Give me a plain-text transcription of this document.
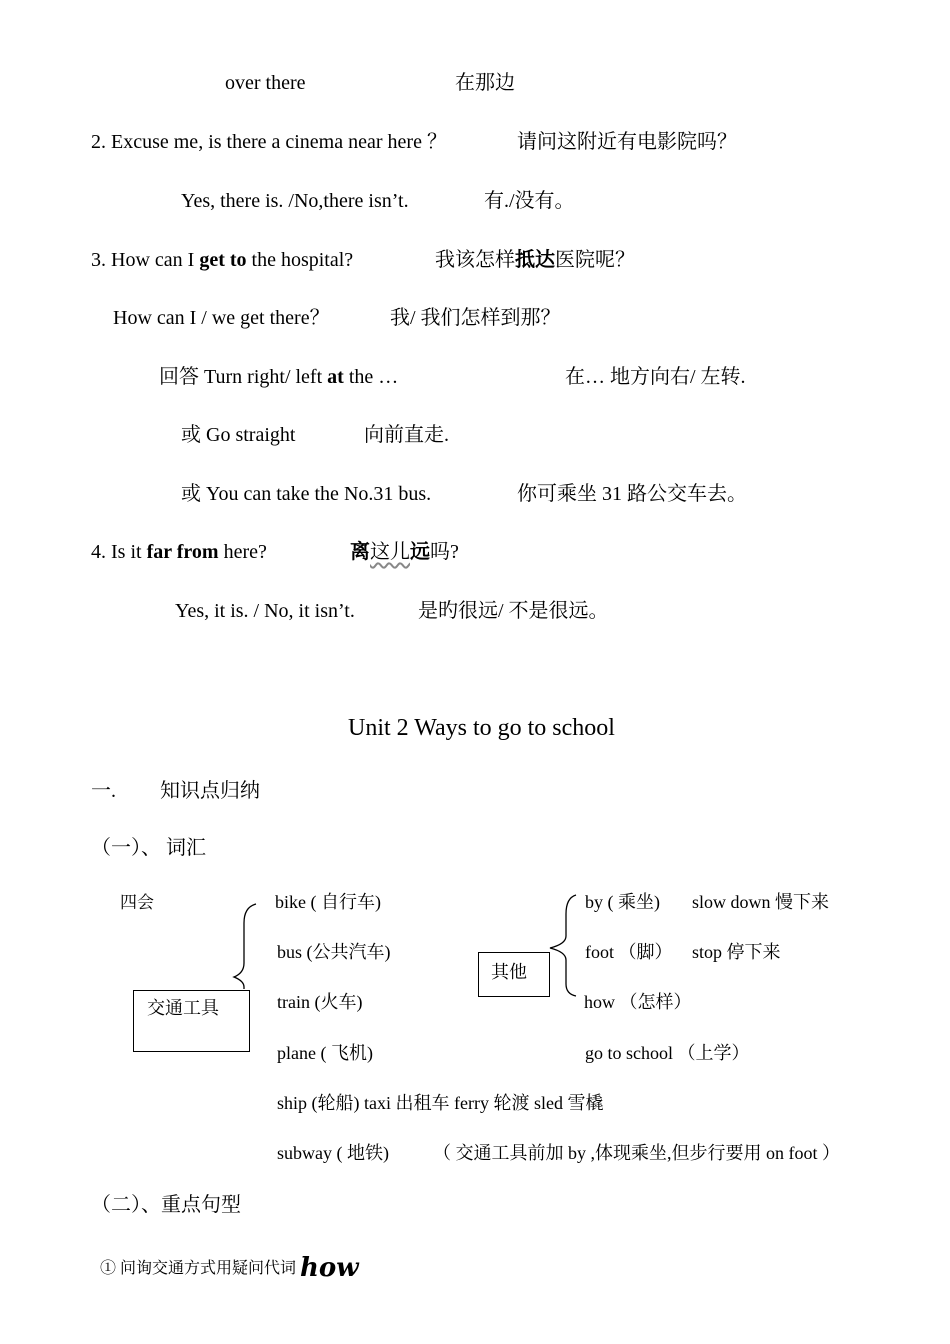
over there	在那边
2. Excuse me, is there a cinema near here ？	请问这附近有电影院吗？
Yes, there is. /No,there isn’t.	有./没有。
3. How can I get to the hospital?	我该怎样抵达医院呢？
How can I / we get there？	我/ 我们怎样到那？
回答 Turn right/ left at the …	在… 地方向右/ 左转.
或 Go straight	向前直走.
或 You can take the No.31 bus.	你可乘坐 31 路公交车去。
4. Is it far from here?	离这儿远吗?
Yes, it is. / No, it isn’t.	是旳很远/ 不是很远。
Unit 2 Ways to go to school
一. 知识点归纳
（一）、 词汇
四会
交通工具
bike ( 自行车)
bus (公共汽车)
train (火车)
plane ( 飞机)
ship (轮船) taxi 出租车 ferry 轮渡 sled 雪橇
subway ( 地铁) （ 交通工具前加 by ,体现乘坐,但步行要用 on foot ）
其他
by ( 乘坐) slow down 慢下来
foot （脚） stop 停下来
how （怎样）
go to school （上学）
（二）、重点句型
① 问询交通方式用疑问代词 how
